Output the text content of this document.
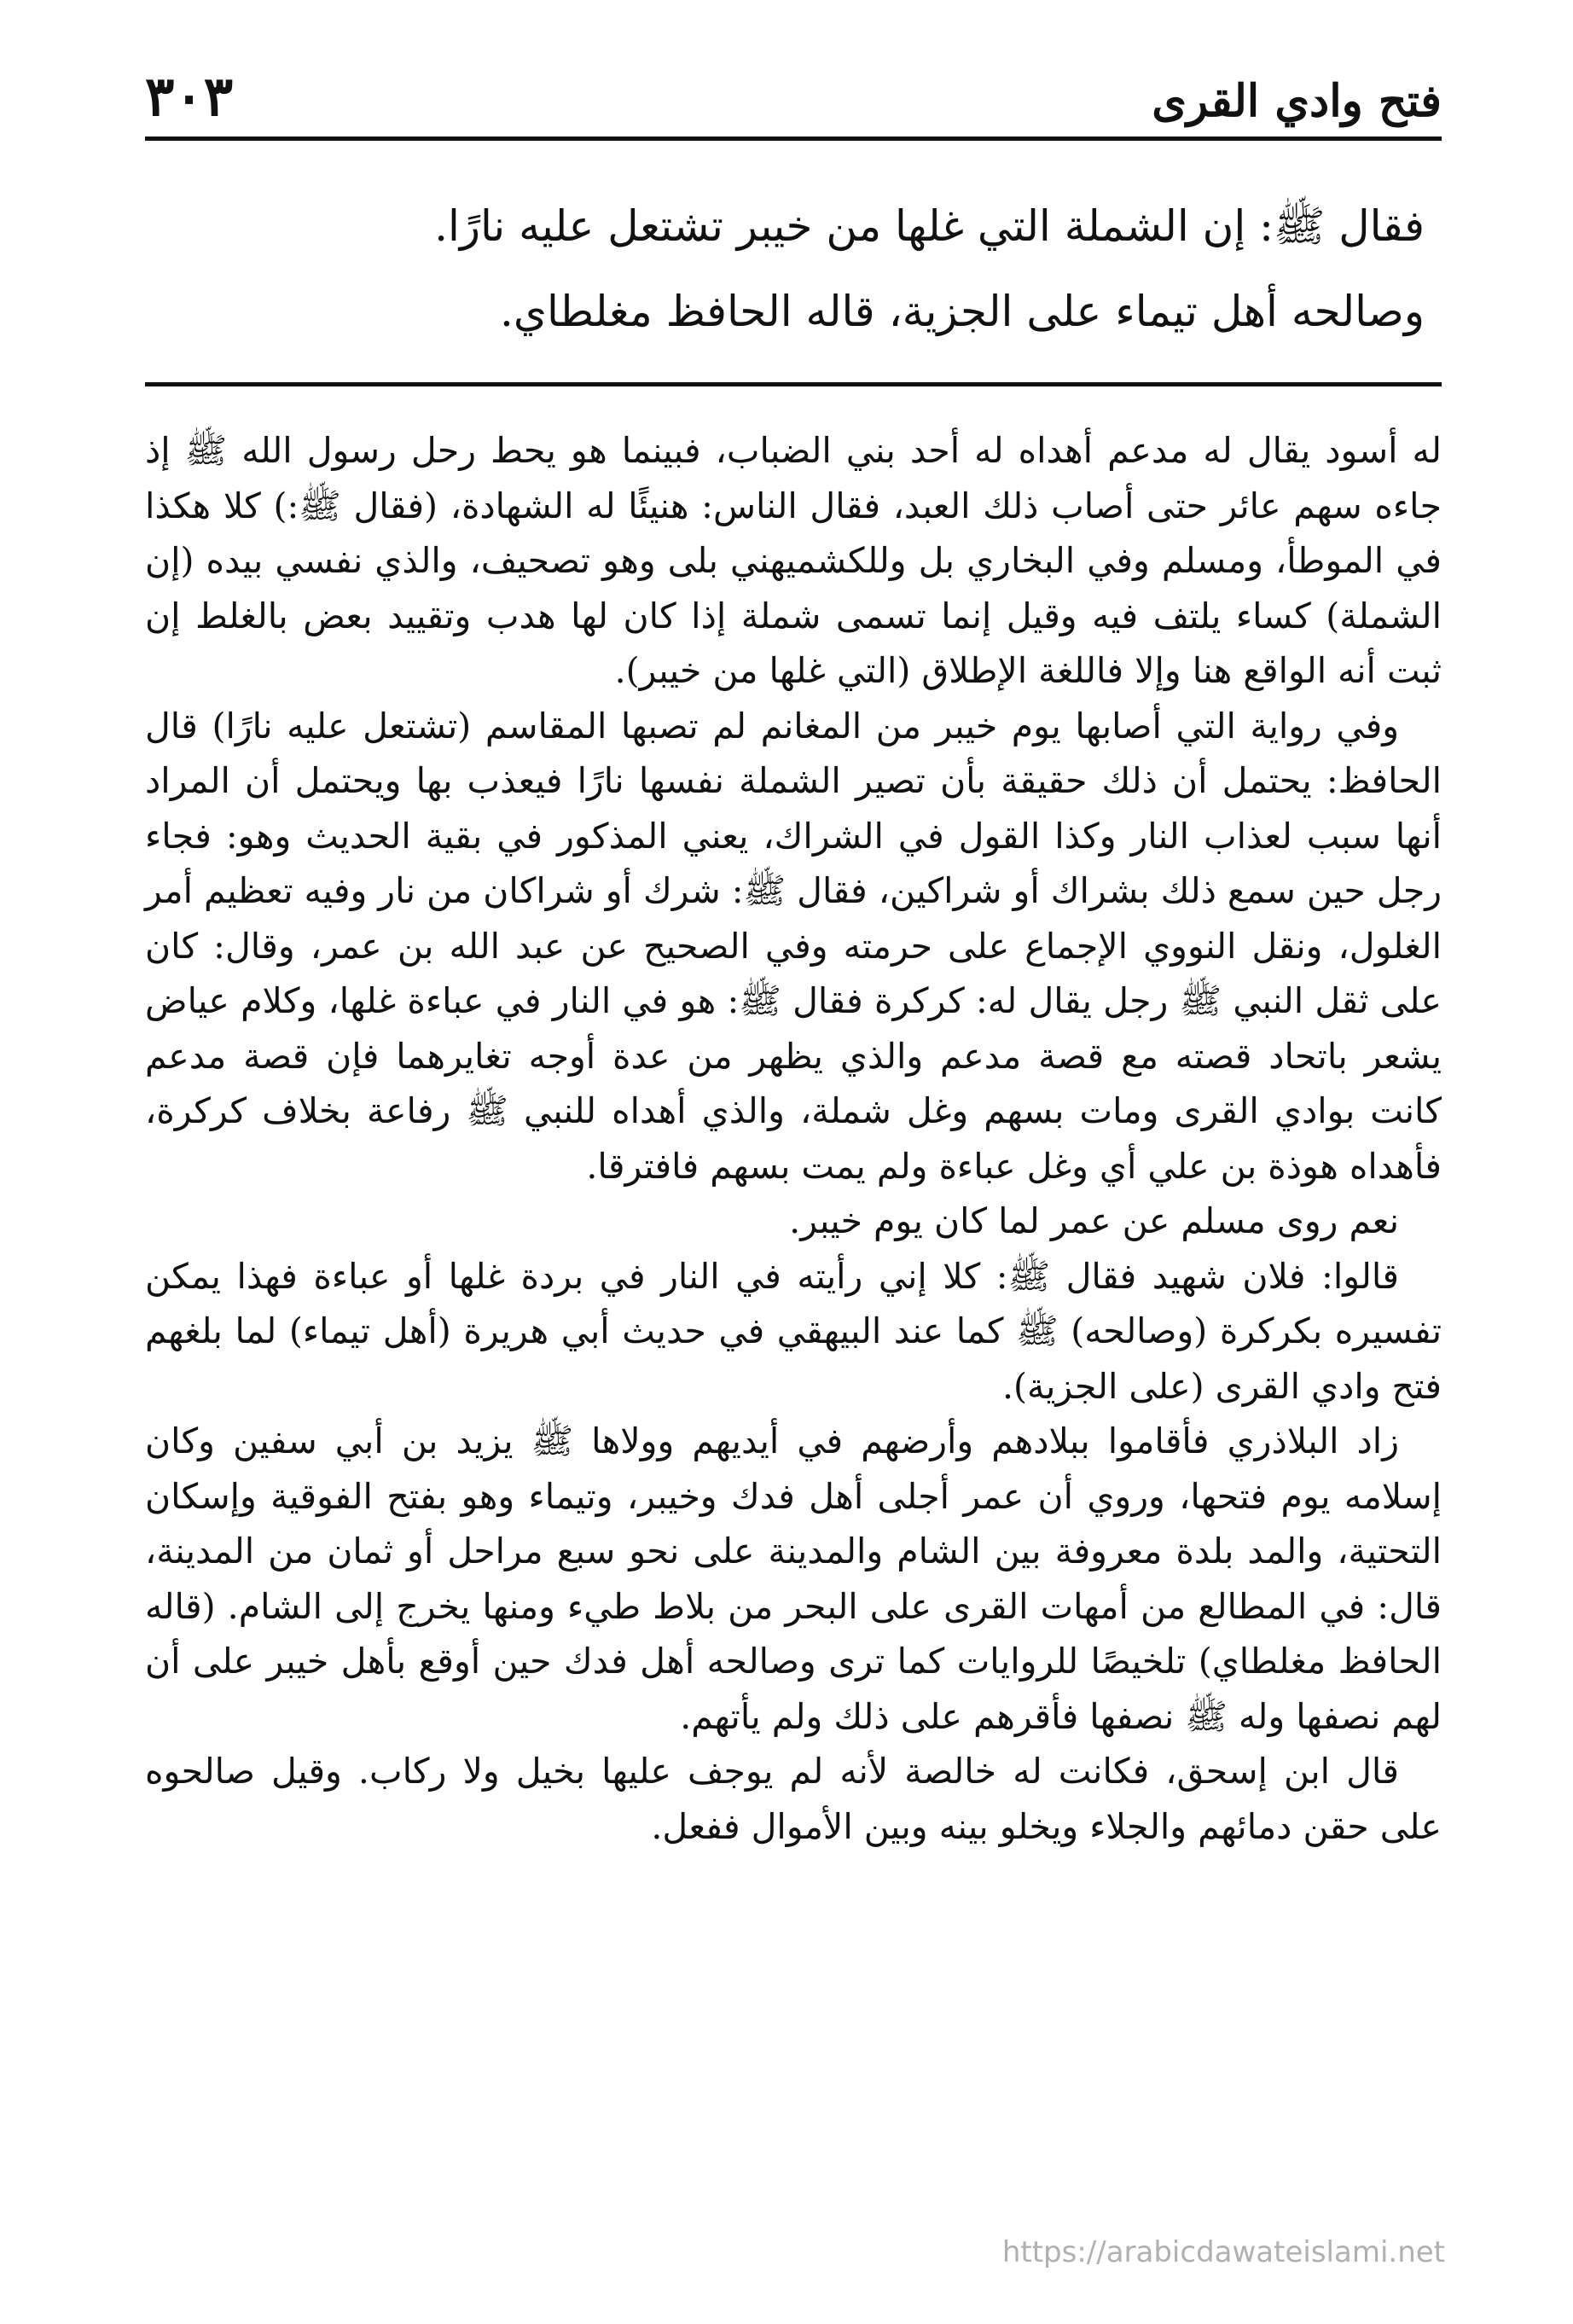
فتح وادي القرى
٣٠٣

فقال ﷺ: إن الشملة التي غلها من خيبر تشتعل عليه نارًا.

وصالحه أهل تيماء على الجزية، قاله الحافظ مغلطاي.

له أسود يقال له مدعم أهداه له أحد بني الضباب، فبينما هو يحط رحل رسول الله ﷺ إذ جاءه سهم عائر حتى أصاب ذلك العبد، فقال الناس: هنيئًا له الشهادة، (فقال ﷺ:) كلا هكذا في الموطأ، ومسلم وفي البخاري بل وللكشميهني بلى وهو تصحيف، والذي نفسي بيده (إن الشملة) كساء يلتف فيه وقيل إنما تسمى شملة إذا كان لها هدب وتقييد بعض بالغلط إن ثبت أنه الواقع هنا وإلا فاللغة الإطلاق (التي غلها من خيبر).

وفي رواية التي أصابها يوم خيبر من المغانم لم تصبها المقاسم (تشتعل عليه نارًا) قال الحافظ: يحتمل أن ذلك حقيقة بأن تصير الشملة نفسها نارًا فيعذب بها ويحتمل أن المراد أنها سبب لعذاب النار وكذا القول في الشراك، يعني المذكور في بقية الحديث وهو: فجاء رجل حين سمع ذلك بشراك أو شراكين، فقال ﷺ: شرك أو شراكان من نار وفيه تعظيم أمر الغلول، ونقل النووي الإجماع على حرمته وفي الصحيح عن عبد الله بن عمر، وقال: كان على ثقل النبي ﷺ رجل يقال له: كركرة فقال ﷺ: هو في النار في عباءة غلها، وكلام عياض يشعر باتحاد قصته مع قصة مدعم والذي يظهر من عدة أوجه تغايرهما فإن قصة مدعم كانت بوادي القرى ومات بسهم وغل شملة، والذي أهداه للنبي ﷺ رفاعة بخلاف كركرة، فأهداه هوذة بن علي أي وغل عباءة ولم يمت بسهم فافترقا.

نعم روى مسلم عن عمر لما كان يوم خيبر.

قالوا: فلان شهيد فقال ﷺ: كلا إني رأيته في النار في بردة غلها أو عباءة فهذا يمكن تفسيره بكركرة (وصالحه) ﷺ كما عند البيهقي في حديث أبي هريرة (أهل تيماء) لما بلغهم فتح وادي القرى (على الجزية).

زاد البلاذري فأقاموا ببلادهم وأرضهم في أيديهم وولاها ﷺ يزيد بن أبي سفين وكان إسلامه يوم فتحها، وروي أن عمر أجلى أهل فدك وخيبر، وتيماء وهو بفتح الفوقية وإسكان التحتية، والمد بلدة معروفة بين الشام والمدينة على نحو سبع مراحل أو ثمان من المدينة، قال: في المطالع من أمهات القرى على البحر من بلاط طيء ومنها يخرج إلى الشام. (قاله الحافظ مغلطاي) تلخيصًا للروايات كما ترى وصالحه أهل فدك حين أوقع بأهل خيبر على أن لهم نصفها وله ﷺ نصفها فأقرهم على ذلك ولم يأتهم.

قال ابن إسحق، فكانت له خالصة لأنه لم يوجف عليها بخيل ولا ركاب. وقيل صالحوه على حقن دمائهم والجلاء ويخلو بينه وبين الأموال ففعل.

https://arabicdawateislami.net
